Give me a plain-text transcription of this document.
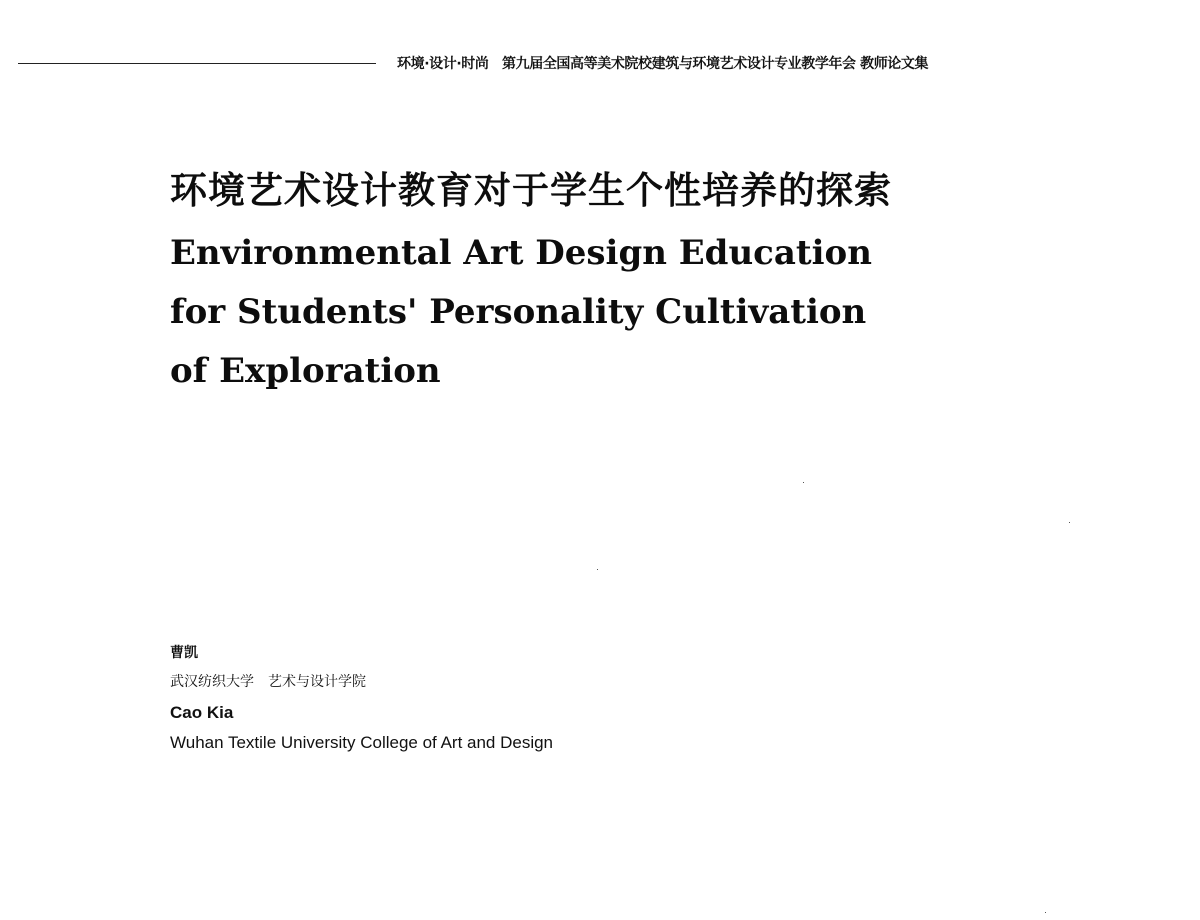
环境·设计·时尚　第九届全国高等美术院校建筑与环境艺术设计专业教学年会 教师论文集
环境艺术设计教育对于学生个性培养的探索
Environmental Art Design Education
for Students' Personality Cultivation
of Exploration
曹凯
武汉纺织大学　艺术与设计学院
Cao Kia
Wuhan Textile University College of Art and Design
